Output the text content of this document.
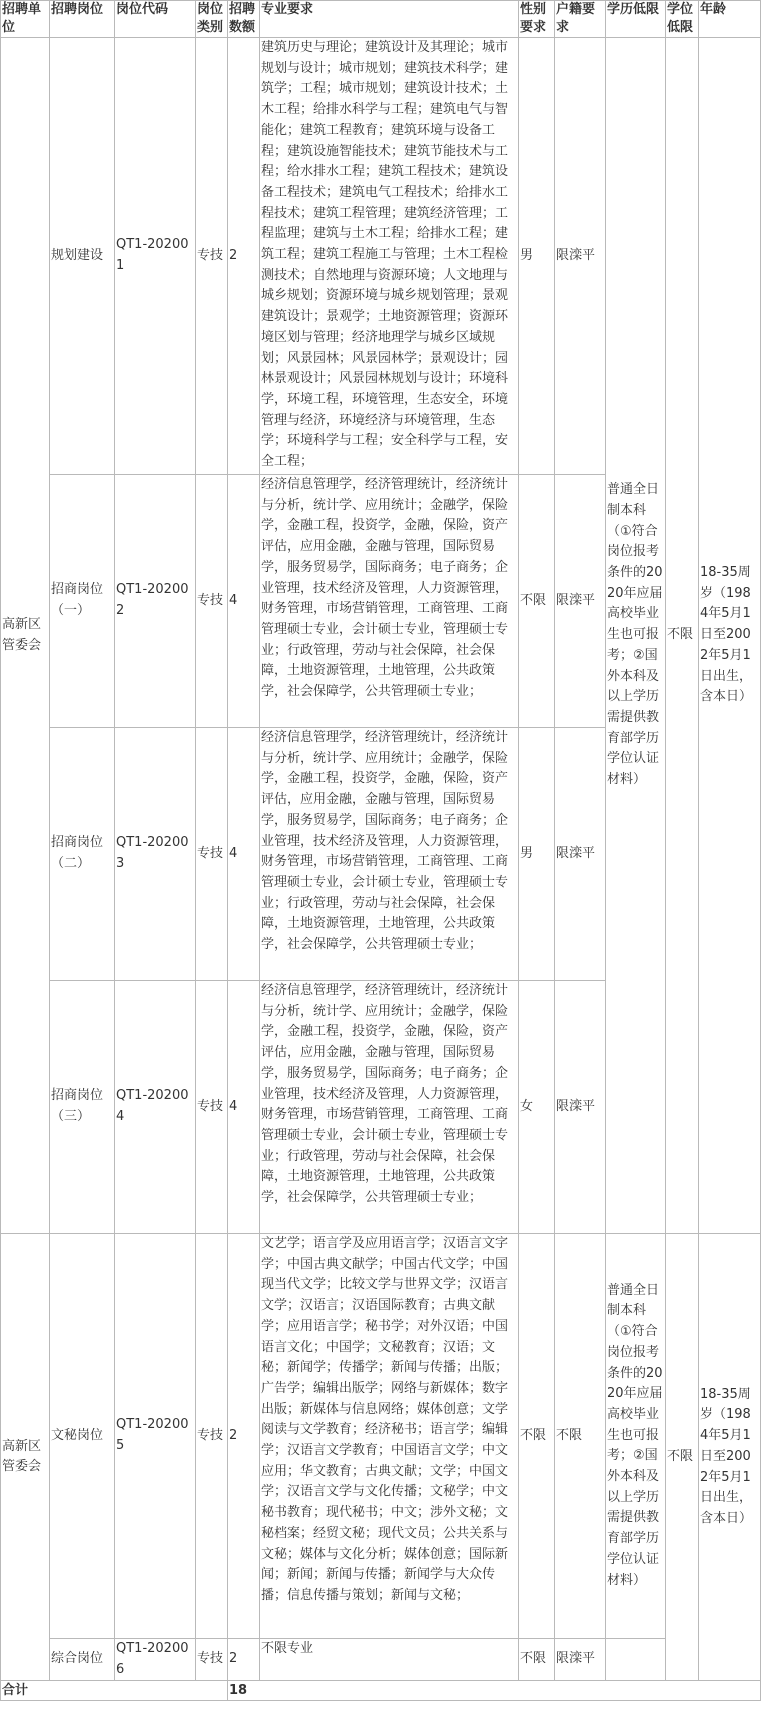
招聘单位	招聘岗位	岗位代码	岗位类别	招聘数额	专业要求	性别要求	户籍要求	学历低限	学位低限	年龄
高新区管委会	规划建设	QT1-202001	专技	2	建筑历史与理论；建筑设计及其理论；城市规划与设计；城市规划；建筑技术科学；建筑学；工程；城市规划；建筑设计技术；土木工程；给排水科学与工程；建筑电气与智能化；建筑工程教育；建筑环境与设备工程；建筑设施智能技术；建筑节能技术与工程；给水排水工程；建筑工程技术；建筑设备工程技术；建筑电气工程技术；给排水工程技术；建筑工程管理；建筑经济管理；工程监理；建筑与土木工程；给排水工程；建筑工程；建筑工程施工与管理；土木工程检测技术；自然地理与资源环境；人文地理与城乡规划；资源环境与城乡规划管理；景观建筑设计；景观学；土地资源管理；资源环境区划与管理；经济地理学与城乡区域规划；风景园林；风景园林学；景观设计；园林景观设计；风景园林规划与设计；环境科学，环境工程，环境管理，生态安全，环境管理与经济，环境经济与环境管理，生态学；环境科学与工程；安全科学与工程，安全工程；	男	限滦平	普通全日制本科（①符合岗位报考条件的2020年应届高校毕业生也可报考；②国外本科及以上学历需提供教育部学历学位认证材料）	不限	18-35周岁（1984年5月1日至2002年5月1日出生，含本日）
	招商岗位（一）	QT1-202002	专技	4	经济信息管理学，经济管理统计，经济统计与分析，统计学、应用统计；金融学，保险学，金融工程，投资学，金融，保险，资产评估，应用金融，金融与管理，国际贸易学，服务贸易学，国际商务；电子商务；企业管理，技术经济及管理，人力资源管理，财务管理，市场营销管理，工商管理、工商管理硕士专业，会计硕士专业，管理硕士专业；行政管理，劳动与社会保障，社会保障，土地资源管理，土地管理，公共政策学，社会保障学，公共管理硕士专业；	不限	限滦平			
	招商岗位（二）	QT1-202003	专技	4	经济信息管理学，经济管理统计，经济统计与分析，统计学、应用统计；金融学，保险学，金融工程，投资学，金融，保险，资产评估，应用金融，金融与管理，国际贸易学，服务贸易学，国际商务；电子商务；企业管理，技术经济及管理，人力资源管理，财务管理，市场营销管理，工商管理、工商管理硕士专业，会计硕士专业，管理硕士专业；行政管理，劳动与社会保障，社会保障，土地资源管理，土地管理，公共政策学，社会保障学，公共管理硕士专业；	男	限滦平			
	招商岗位（三）	QT1-202004	专技	4	经济信息管理学，经济管理统计，经济统计与分析，统计学、应用统计；金融学，保险学，金融工程，投资学，金融，保险，资产评估，应用金融，金融与管理，国际贸易学，服务贸易学，国际商务；电子商务；企业管理，技术经济及管理，人力资源管理，财务管理，市场营销管理，工商管理、工商管理硕士专业，会计硕士专业，管理硕士专业；行政管理，劳动与社会保障，社会保障，土地资源管理，土地管理，公共政策学，社会保障学，公共管理硕士专业；	女	限滦平			
高新区管委会	文秘岗位	QT1-202005	专技	2	文艺学；语言学及应用语言学；汉语言文字学；中国古典文献学；中国古代文学；中国现当代文学；比较文学与世界文学；汉语言文学；汉语言；汉语国际教育；古典文献学；应用语言学；秘书学；对外汉语；中国语言文化；中国学；文秘教育；汉语；文秘；新闻学；传播学；新闻与传播；出版；广告学；编辑出版学；网络与新媒体；数字出版；新媒体与信息网络；媒体创意；文学阅读与文学教育；经济秘书；语言学；编辑学；汉语言文学教育；中国语言文学；中文应用；华文教育；古典文献；文学；中国文学；汉语言文学与文化传播；文秘学；中文秘书教育；现代秘书；中文；涉外文秘；文秘档案；经贸文秘；现代文员；公共关系与文秘；媒体与文化分析；媒体创意；国际新闻；新闻；新闻与传播；新闻学与大众传播；信息传播与策划；新闻与文秘；	不限	不限	普通全日制本科（①符合岗位报考条件的2020年应届高校毕业生也可报考；②国外本科及以上学历需提供教育部学历学位认证材料）	不限	18-35周岁（1984年5月1日至2002年5月1日出生，含本日）
	综合岗位	QT1-202006	专技	2	不限专业	不限	限滦平			
合计				18						
